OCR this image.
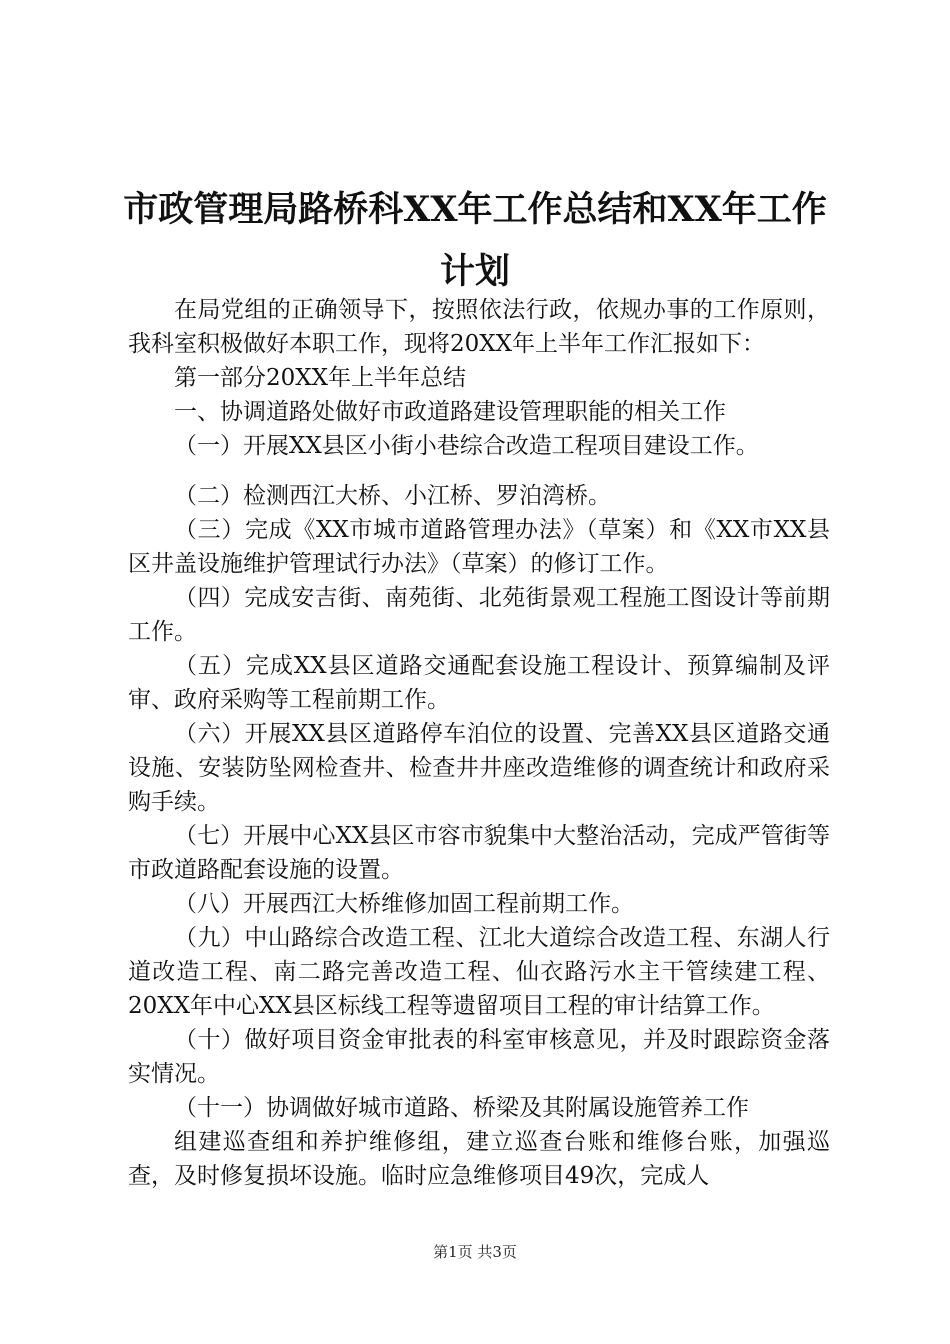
市政管理局路桥科XX年工作总结和XX年工作
计划

在局党组的正确领导下，按照依法行政，依规办事的工作原则，我科室积极做好本职工作，现将20XX年上半年工作汇报如下：

第一部分20XX年上半年总结

一、协调道路处做好市政道路建设管理职能的相关工作

（一）开展XX县区小街小巷综合改造工程项目建设工作。

（二）检测西江大桥、小江桥、罗泊湾桥。

（三）完成《XX市城市道路管理办法》（草案）和《XX市XX县区井盖设施维护管理试行办法》（草案）的修订工作。

（四）完成安吉街、南苑街、北苑街景观工程施工图设计等前期工作。

（五）完成XX县区道路交通配套设施工程设计、预算编制及评审、政府采购等工程前期工作。

（六）开展XX县区道路停车泊位的设置、完善XX县区道路交通设施、安装防坠网检查井、检查井井座改造维修的调查统计和政府采购手续。

（七）开展中心XX县区市容市貌集中大整治活动，完成严管街等市政道路配套设施的设置。

（八）开展西江大桥维修加固工程前期工作。

（九）中山路综合改造工程、江北大道综合改造工程、东湖人行道改造工程、南二路完善改造工程、仙衣路污水主干管续建工程、20XX年中心XX县区标线工程等遗留项目工程的审计结算工作。

（十）做好项目资金审批表的科室审核意见，并及时跟踪资金落实情况。

（十一）协调做好城市道路、桥梁及其附属设施管养工作

组建巡查组和养护维修组，建立巡查台账和维修台账，加强巡查，及时修复损坏设施。临时应急维修项目49次，完成人

第1页 共3页
